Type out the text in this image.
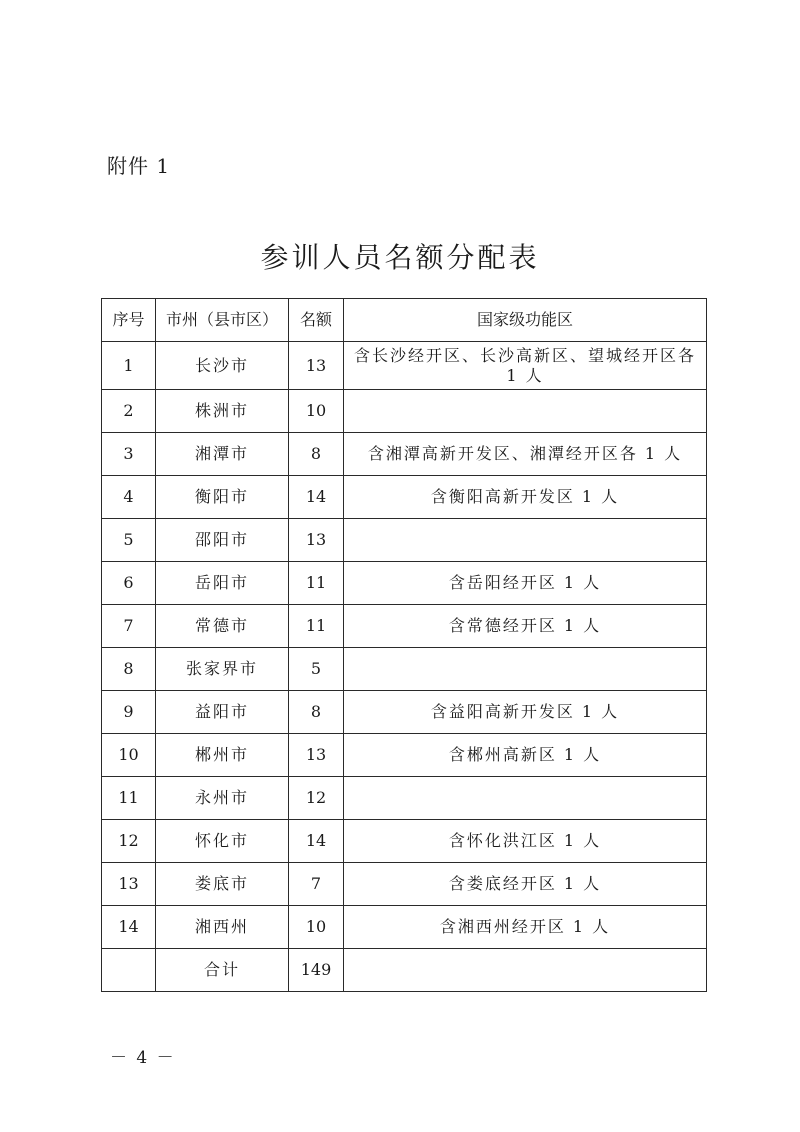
附件 1
参训人员名额分配表
序号	市州（县市区）	名额	国家级功能区
1	长沙市	13	含长沙经开区、长沙高新区、望城经开区各 1 人
2	株洲市	10	
3	湘潭市	8	含湘潭高新开发区、湘潭经开区各 1 人
4	衡阳市	14	含衡阳高新开发区 1 人
5	邵阳市	13	
6	岳阳市	11	含岳阳经开区 1 人
7	常德市	11	含常德经开区 1 人
8	张家界市	5	
9	益阳市	8	含益阳高新开发区 1 人
10	郴州市	13	含郴州高新区 1 人
11	永州市	12	
12	怀化市	14	含怀化洪江区 1 人
13	娄底市	7	含娄底经开区 1 人
14	湘西州	10	含湘西州经开区 1 人
	合计	149	
－ 4 －
